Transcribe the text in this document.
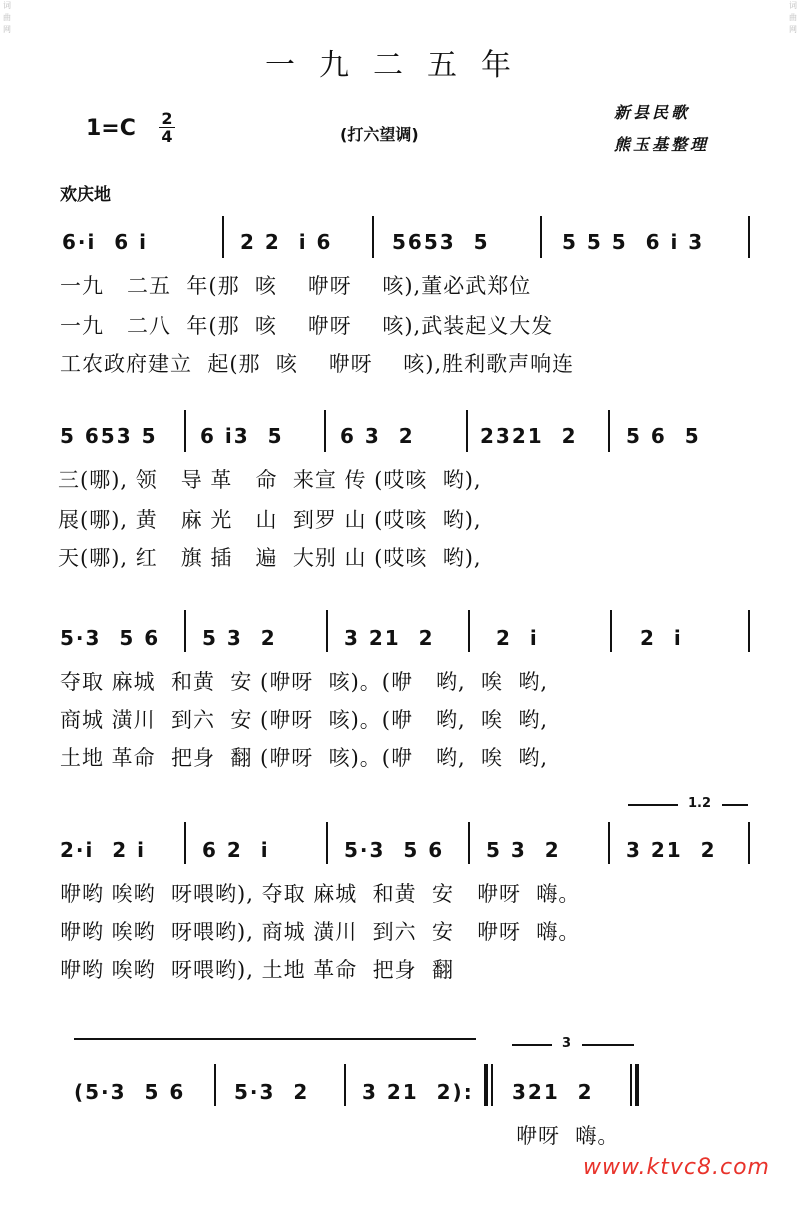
词
曲
网
词
曲
网
一九二五年
1=C	2
4	(打六望调)
新县民歌
熊玉基整理
欢庆地
6·i  6 i	2 2  i 6	5653  5	5 5 5  6 i 3
一九   二五  年(那  咳    咿呀    咳),董必武郑位
一九   二八  年(那  咳    咿呀    咳),武装起义大发
工农政府建立  起(那  咳    咿呀    咳),胜利歌声响连
5 653 5 6 i3  5	6 3  2	2321  2 5 6  5
三(哪), 领   导 革   命  来宣 传 (哎咳  哟),
展(哪), 黄   麻 光   山  到罗 山 (哎咳  哟),
天(哪), 红   旗 插   遍  大别 山 (哎咳  哟),
5·3  5 6 5 3  2	3 21  2	2  i	2  i
夺取 麻城  和黄  安 (咿呀  咳)。(咿   哟,  唉  哟,
商城 潢川  到六  安 (咿呀  咳)。(咿   哟,  唉  哟,
土地 革命  把身  翻 (咿呀  咳)。(咿   哟,  唉  哟,
1.2
2·i  2 i	6 2  i	5·3  5 6 5 3  2	3 21  2
咿哟 唉哟  呀喂哟), 夺取 麻城  和黄  安   咿呀  嗨。
咿哟 唉哟  呀喂哟), 商城 潢川  到六  安   咿呀  嗨。
咿哟 唉哟  呀喂哟), 土地 革命  把身  翻
3
(5·3  5 6 5·3  2	3 21  2): 321  2
咿呀  嗨。
www.ktvc8.com
